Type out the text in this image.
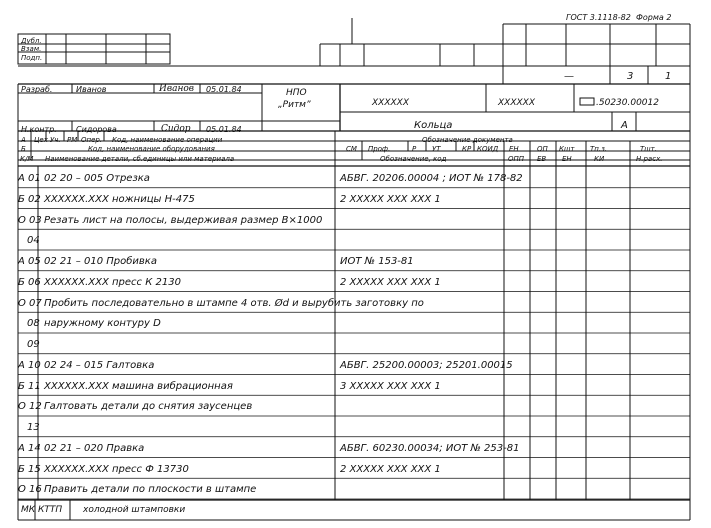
ГОСТ 3.1118-82 Форма 2
Дубл.
Взам.
Подп.
—	3	1
Разраб.	Иванов	Иванов 05.01.84
Н.контр. Сидорова	Сидор 05.01.84
НПО
„Ритм”	XXXXXX	XXXXXX	.50230.00012
Кольца	А
А Цех Уч. РМ Опер. Код, наименование операции	Обозначение документа
Б	Код, наименование оборудования	СМ Проф.	Р УТ	КР КОИД ЕН	ОП Кшт Тп.з.	Тшт.
К/М Наименование детали, сб.единицы или материала	Обозначение, код	ОПП ЕВ ЕН	КИ	Н.расх.
А 01 02 20 – 005 Отрезка	АБВГ. 20206.00004 ; ИОТ № 178-82
Б 02 XXXXXX.XXX ножницы Н-475	2 XXXXX XXX XXX 1
О 03 Резать лист на полосы, выдерживая размер В×1000
04
А 05 02 21 – 010 Пробивка	ИОТ № 153-81
Б 06 XXXXXX.XXX пресс К 2130	2 XXXXX XXX XXX 1
О 07 Пробить последовательно в штампе 4 отв. Ød и вырубить заготовку по
08 наружному контуру D
09
А 10 02 24 – 015 Галтовка	АБВГ. 25200.00003; 25201.00015
Б 11 XXXXXX.XXX машина вибрационная	3 XXXXX XXX XXX 1
О 12 Галтовать детали до снятия заусенцев
13
А 14 02 21 – 020 Правка	АБВГ. 60230.00034; ИОТ № 253-81
Б 15 XXXXXX.XXX пресс Ф 13730	2 XXXXX XXX XXX 1
О 16 Править детали по плоскости в штампе
МК КТТП холодной штамповки
